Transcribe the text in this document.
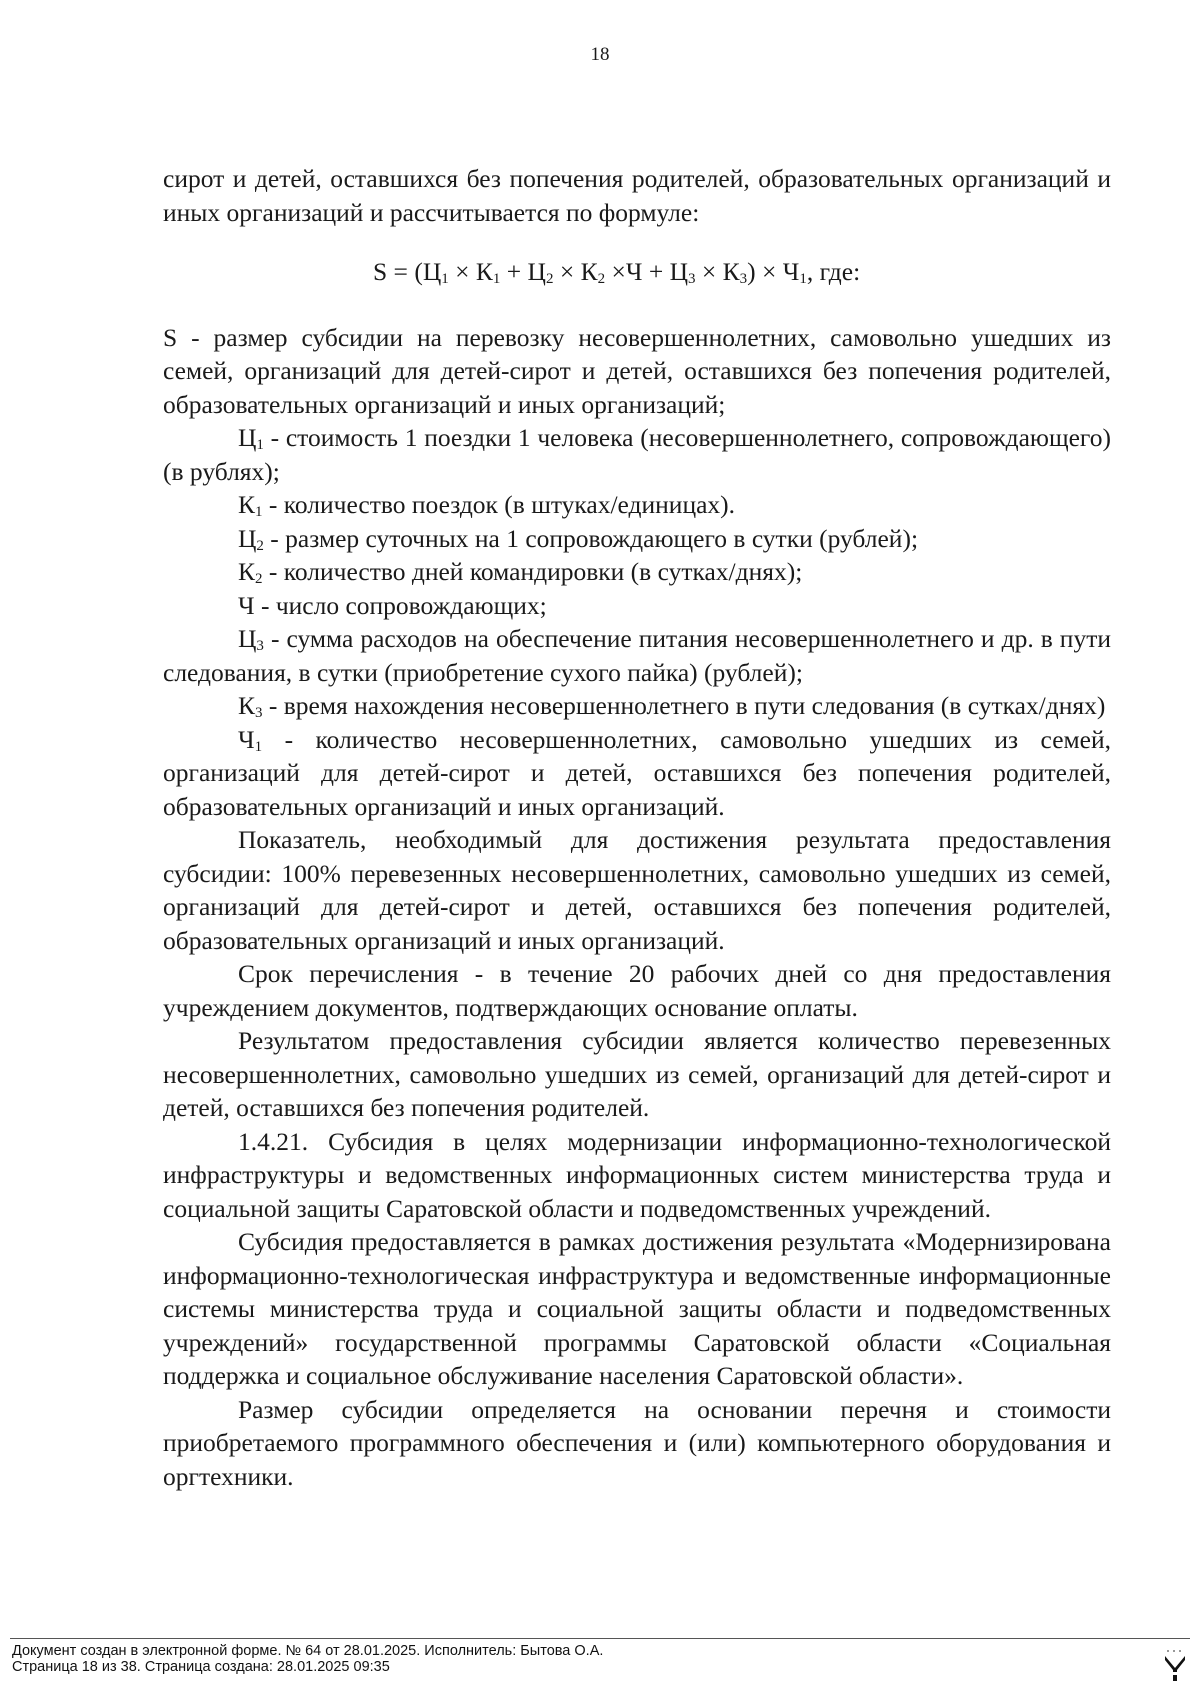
18

сирот и детей, оставшихся без попечения родителей, образовательных организаций и иных организаций и рассчитывается по формуле:

$S = (Ц_1 \times К_1 + Ц_2 \times К_2 \times Ч + Ц_3 \times К_3) \times Ч_1$, где:

S - размер субсидии на перевозку несовершеннолетних, самовольно ушедших из семей, организаций для детей-сирот и детей, оставшихся без попечения родителей, образовательных организаций и иных организаций;

$Ц_1$ - стоимость 1 поездки 1 человека (несовершеннолетнего, сопровождающего) (в рублях);

$К_1$ - количество поездок (в штуках/единицах).

$Ц_2$ - размер суточных на 1 сопровождающего в сутки (рублей);

$К_2$ - количество дней командировки (в сутках/днях);

Ч - число сопровождающих;

$Ц_3$ - сумма расходов на обеспечение питания несовершеннолетнего и др. в пути следования, в сутки (приобретение сухого пайка) (рублей);

$К_3$ - время нахождения несовершеннолетнего в пути следования (в сутках/днях)

$Ч_1$ - количество несовершеннолетних, самовольно ушедших из семей, организаций для детей-сирот и детей, оставшихся без попечения родителей, образовательных организаций и иных организаций.

Показатель, необходимый для достижения результата предоставления субсидии: 100% перевезенных несовершеннолетних, самовольно ушедших из семей, организаций для детей-сирот и детей, оставшихся без попечения родителей, образовательных организаций и иных организаций.

Срок перечисления - в течение 20 рабочих дней со дня предоставления учреждением документов, подтверждающих основание оплаты.

Результатом предоставления субсидии является количество перевезенных несовершеннолетних, самовольно ушедших из семей, организаций для детей-сирот и детей, оставшихся без попечения родителей.

1.4.21. Субсидия в целях модернизации информационно-технологической инфраструктуры и ведомственных информационных систем министерства труда и социальной защиты Саратовской области и подведомственных учреждений.

Субсидия предоставляется в рамках достижения результата «Модернизирована информационно-технологическая инфраструктура и ведомственные информационные системы министерства труда и социальной защиты области и подведомственных учреждений» государственной программы Саратовской области «Социальная поддержка и социальное обслуживание населения Саратовской области».

Размер субсидии определяется на основании перечня и стоимости приобретаемого программного обеспечения и (или) компьютерного оборудования и оргтехники.

Документ создан в электронной форме. № 64 от 28.01.2025. Исполнитель: Бытова О.А.
Страница 18 из 38. Страница создана: 28.01.2025 09:35
